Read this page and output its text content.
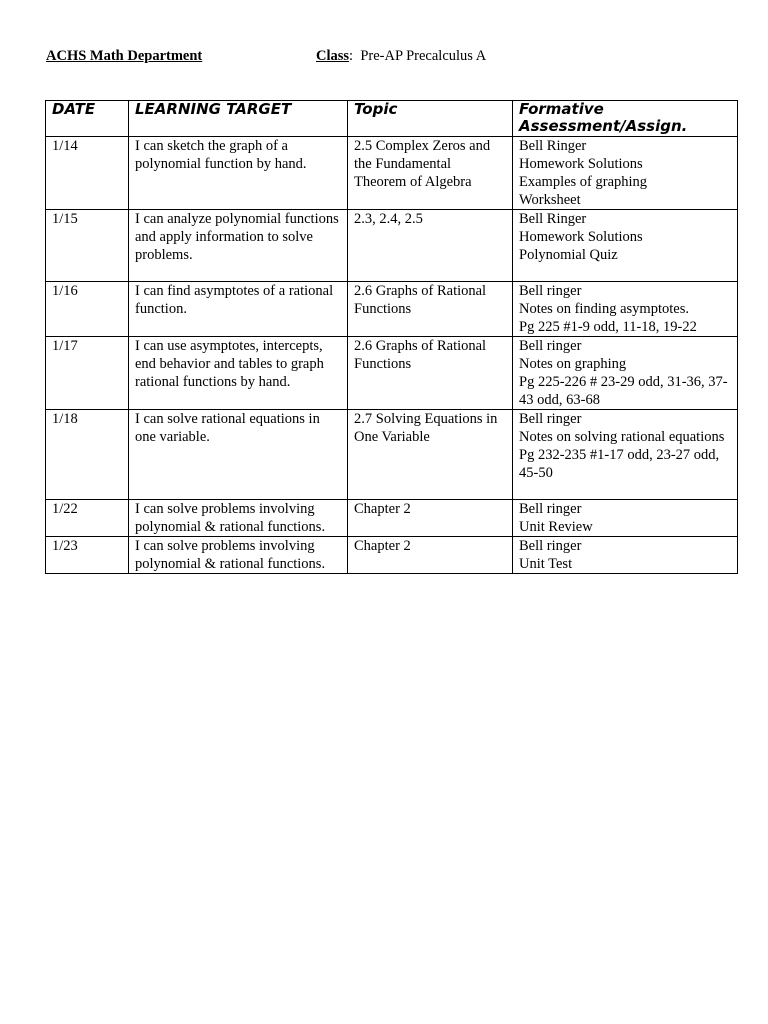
ACHS Math Department	Class: Pre-AP Precalculus A
DATE	LEARNING TARGET	Topic	Formative Assessment/Assign.
1/14	I can sketch the graph of a polynomial function by hand.	2.5 Complex Zeros and the Fundamental Theorem of Algebra	Bell Ringer
Homework Solutions
Examples of graphing
Worksheet

1/15	I can analyze polynomial functions and apply information to solve problems.	2.3, 2.4, 2.5	Bell Ringer
Homework Solutions
Polynomial Quiz

1/16	I can find asymptotes of a rational function.	2.6 Graphs of Rational Functions	Bell ringer
Notes on finding asymptotes.
Pg 225 #1-9 odd, 11-18, 19-22

1/17	I can use asymptotes, intercepts, end behavior and tables to graph rational functions by hand.	2.6 Graphs of Rational Functions	Bell ringer
Notes on graphing
Pg 225-226 # 23-29 odd, 31-36, 37-43 odd, 63-68

1/18	I can solve rational equations in one variable.	2.7 Solving Equations in One Variable	Bell ringer
Notes on solving rational equations
Pg 232-235 #1-17 odd, 23-27 odd, 45-50

1/22	I can solve problems involving polynomial & rational functions.	Chapter 2	Bell ringer
Unit Review

1/23	I can solve problems involving polynomial & rational functions.	Chapter 2	Bell ringer
Unit Test
